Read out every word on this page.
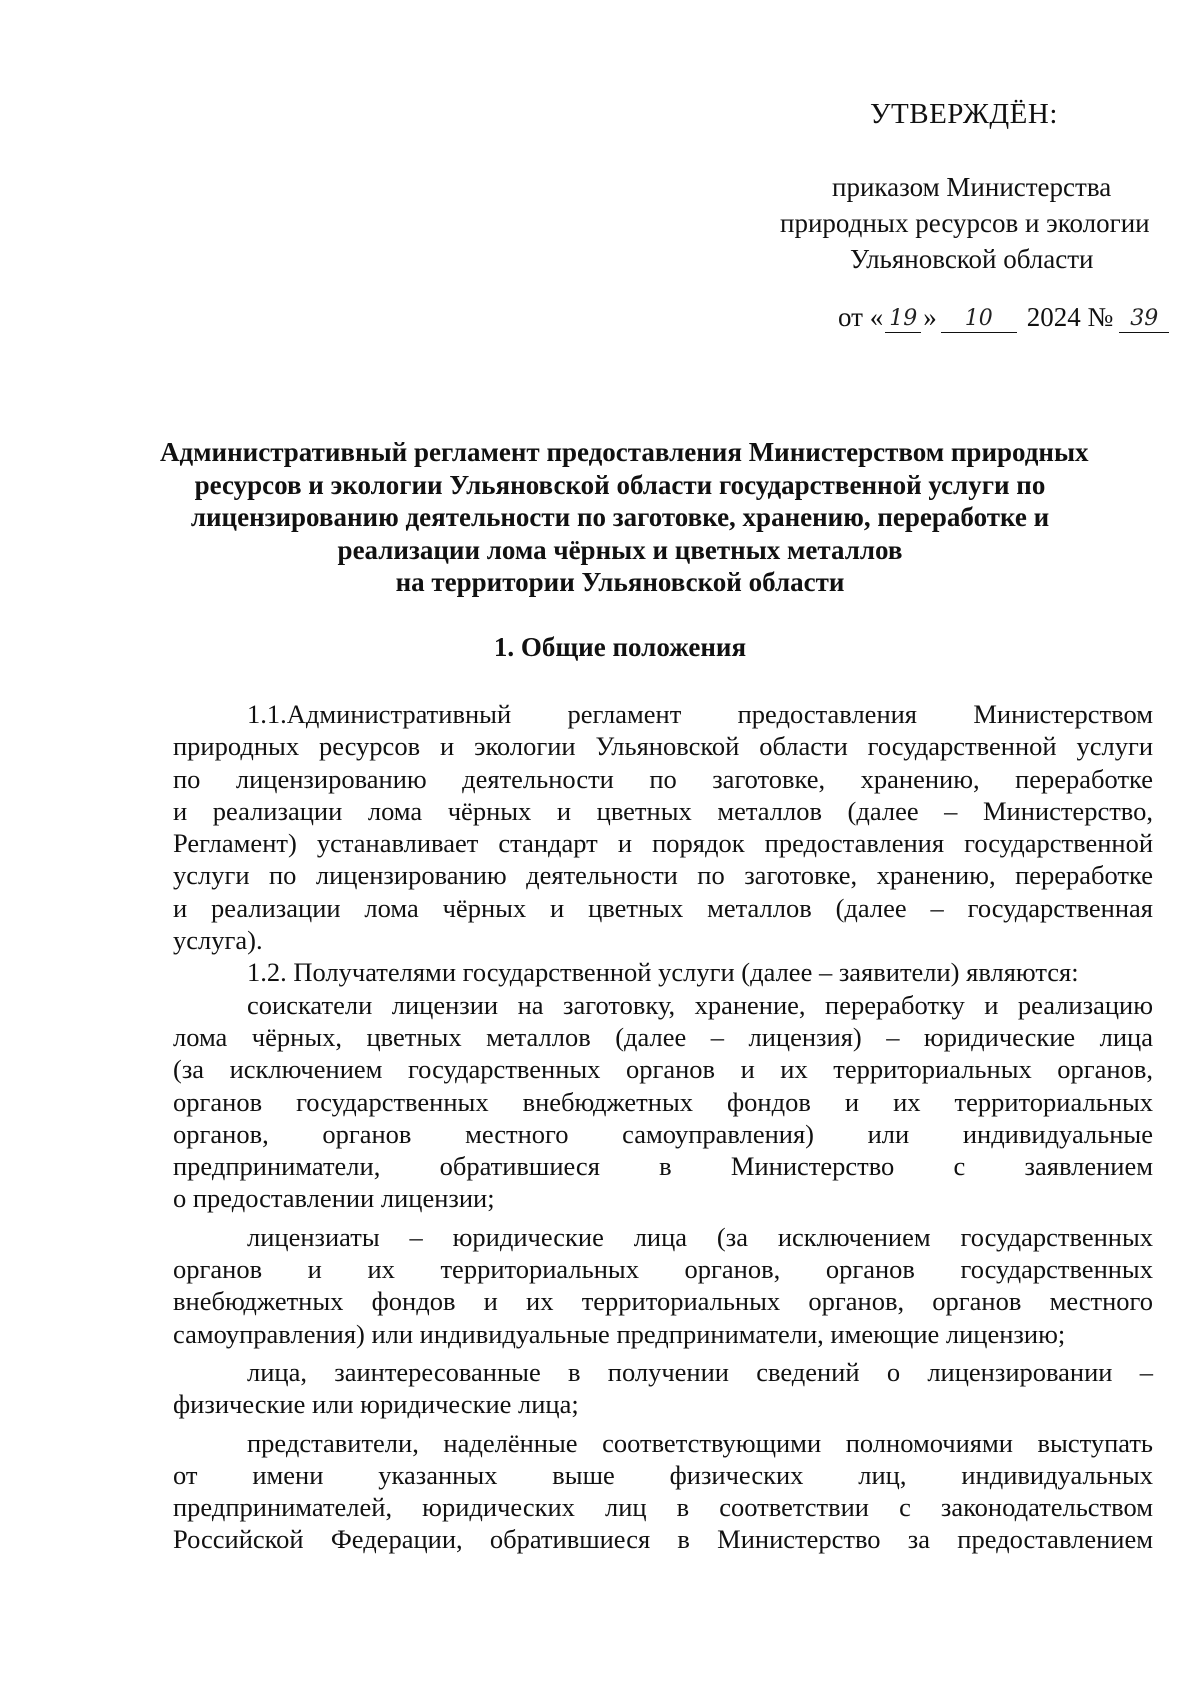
УТВЕРЖДЁН:
приказом Министерства
природных ресурсов и экологии
Ульяновской области
от « 19 »	10	2024 № 39
Административный регламент предоставления Министерством природных
ресурсов и экологии Ульяновской области государственной услуги по
лицензированию деятельности по заготовке, хранению, переработке и
реализации лома чёрных и цветных металлов
на территории Ульяновской области
1. Общие положения
1.1.Административный регламент предоставления Министерством
природных ресурсов и экологии Ульяновской области государственной услуги
по лицензированию деятельности по заготовке, хранению, переработке
и реализации лома чёрных и цветных металлов (далее – Министерство,
Регламент) устанавливает стандарт и порядок предоставления государственной
услуги по лицензированию деятельности по заготовке, хранению, переработке
и реализации лома чёрных и цветных металлов (далее – государственная
услуга).
1.2. Получателями государственной услуги (далее – заявители) являются:
соискатели лицензии на заготовку, хранение, переработку и реализацию
лома чёрных, цветных металлов (далее – лицензия) – юридические лица
(за исключением государственных органов и их территориальных органов,
органов государственных внебюджетных фондов и их территориальных
органов, органов местного самоуправления) или индивидуальные
предприниматели, обратившиеся в Министерство с заявлением
о предоставлении лицензии;
лицензиаты – юридические лица (за исключением государственных
органов и их территориальных органов, органов государственных
внебюджетных фондов и их территориальных органов, органов местного
самоуправления) или индивидуальные предприниматели, имеющие лицензию;
лица, заинтересованные в получении сведений о лицензировании –
физические или юридические лица;
представители, наделённые соответствующими полномочиями выступать
от имени указанных выше физических лиц, индивидуальных
предпринимателей, юридических лиц в соответствии с законодательством
Российской Федерации, обратившиеся в Министерство за предоставлением
